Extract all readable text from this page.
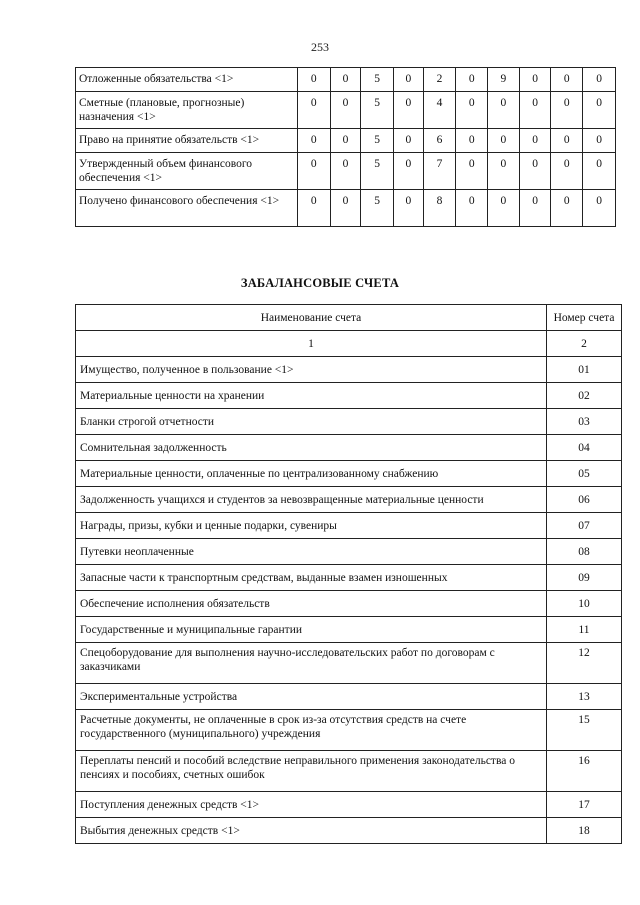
253
Отложенные обязательства <1>	0	0	5	0	2	0	9	0	0	0
Сметные (плановые, прогнозные) назначения <1>	0	0	5	0	4	0	0	0	0	0
Право на принятие обязательств <1>	0	0	5	0	6	0	0	0	0	0
Утвержденный объем финансового обеспечения <1>	0	0	5	0	7	0	0	0	0	0
Получено финансового обеспечения <1>	0	0	5	0	8	0	0	0	0	0
ЗАБАЛАНСОВЫЕ СЧЕТА
Наименование счета	Номер счета
1	2
Имущество, полученное в пользование <1>	01
Материальные ценности на хранении	02
Бланки строгой отчетности	03
Сомнительная задолженность	04
Материальные ценности, оплаченные по централизованному снабжению	05
Задолженность учащихся и студентов за невозвращенные материальные ценности	06
Награды, призы, кубки и ценные подарки, сувениры	07
Путевки неоплаченные	08
Запасные части к транспортным средствам, выданные взамен изношенных	09
Обеспечение исполнения обязательств	10
Государственные и муниципальные гарантии	11
Спецоборудование для выполнения научно-исследовательских работ по договорам с заказчиками	12
Экспериментальные устройства	13
Расчетные документы, не оплаченные в срок из-за отсутствия средств на счете государственного (муниципального) учреждения	15
Переплаты пенсий и пособий вследствие неправильного применения законодательства о пенсиях и пособиях, счетных ошибок	16
Поступления денежных средств <1>	17
Выбытия денежных средств <1>	18
